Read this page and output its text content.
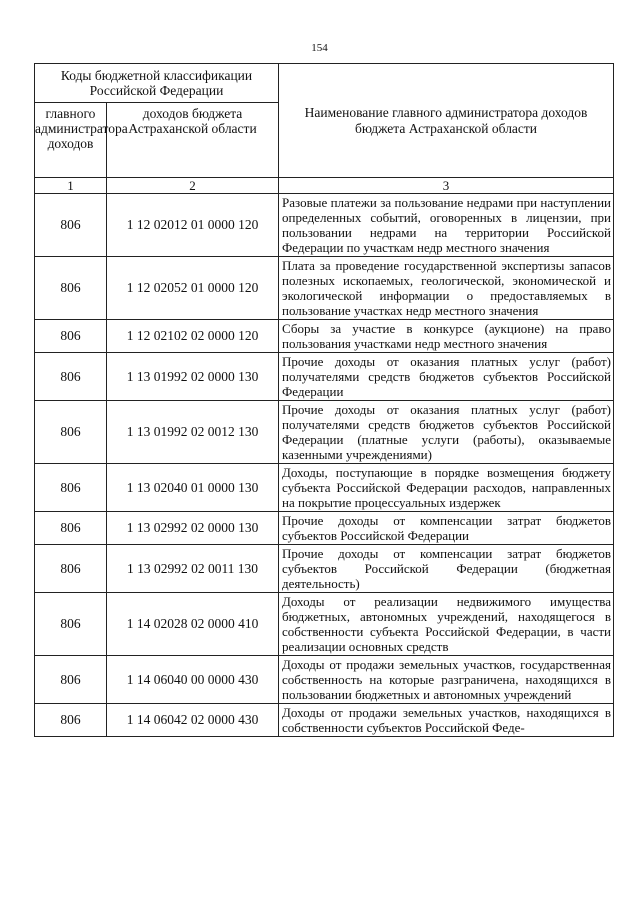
154
Коды бюджетной классификации Российской Федерации		Наименование главного администратора доходов бюджета Астраханской области
главного администратора доходов	доходов бюджета Астраханской области	
1	2	3
806	1 12 02012 01 0000 120	Разовые платежи за пользование недрами при наступлении определенных событий, оговоренных в лицензии, при пользовании недрами на территории Российской Федерации по участкам недр местного значения
806	1 12 02052 01 0000 120	Плата за проведение государственной экспертизы запасов полезных ископаемых, геологической, экономической и экологической информации о предоставляемых в пользование участках недр местного значения
806	1 12 02102 02 0000 120	Сборы за участие в конкурсе (аукционе) на право пользования участками недр местного значения
806	1 13 01992 02 0000 130	Прочие доходы от оказания платных услуг (работ) получателями средств бюджетов субъектов Российской Федерации
806	1 13 01992 02 0012 130	Прочие доходы от оказания платных услуг (работ) получателями средств бюджетов субъектов Российской Федерации (платные услуги (работы), оказываемые казенными учреждениями)
806	1 13 02040 01 0000 130	Доходы, поступающие в порядке возмещения бюджету субъекта Российской Федерации расходов, направленных на покрытие процессуальных издержек
806	1 13 02992 02 0000 130	Прочие доходы от компенсации затрат бюджетов субъектов Российской Федерации
806	1 13 02992 02 0011 130	Прочие доходы от компенсации затрат бюджетов субъектов Российской Федерации (бюджетная деятельность)
806	1 14 02028 02 0000 410	Доходы от реализации недвижимого имущества бюджетных, автономных учреждений, находящегося в собственности субъекта Российской Федерации, в части реализации основных средств
806	1 14 06040 00 0000 430	Доходы от продажи земельных участков, государственная собственность на которые разграничена, находящихся в пользовании бюджетных и автономных учреждений
806	1 14 06042 02 0000 430	Доходы от продажи земельных участков, находящихся в собственности субъектов Российской Феде-
